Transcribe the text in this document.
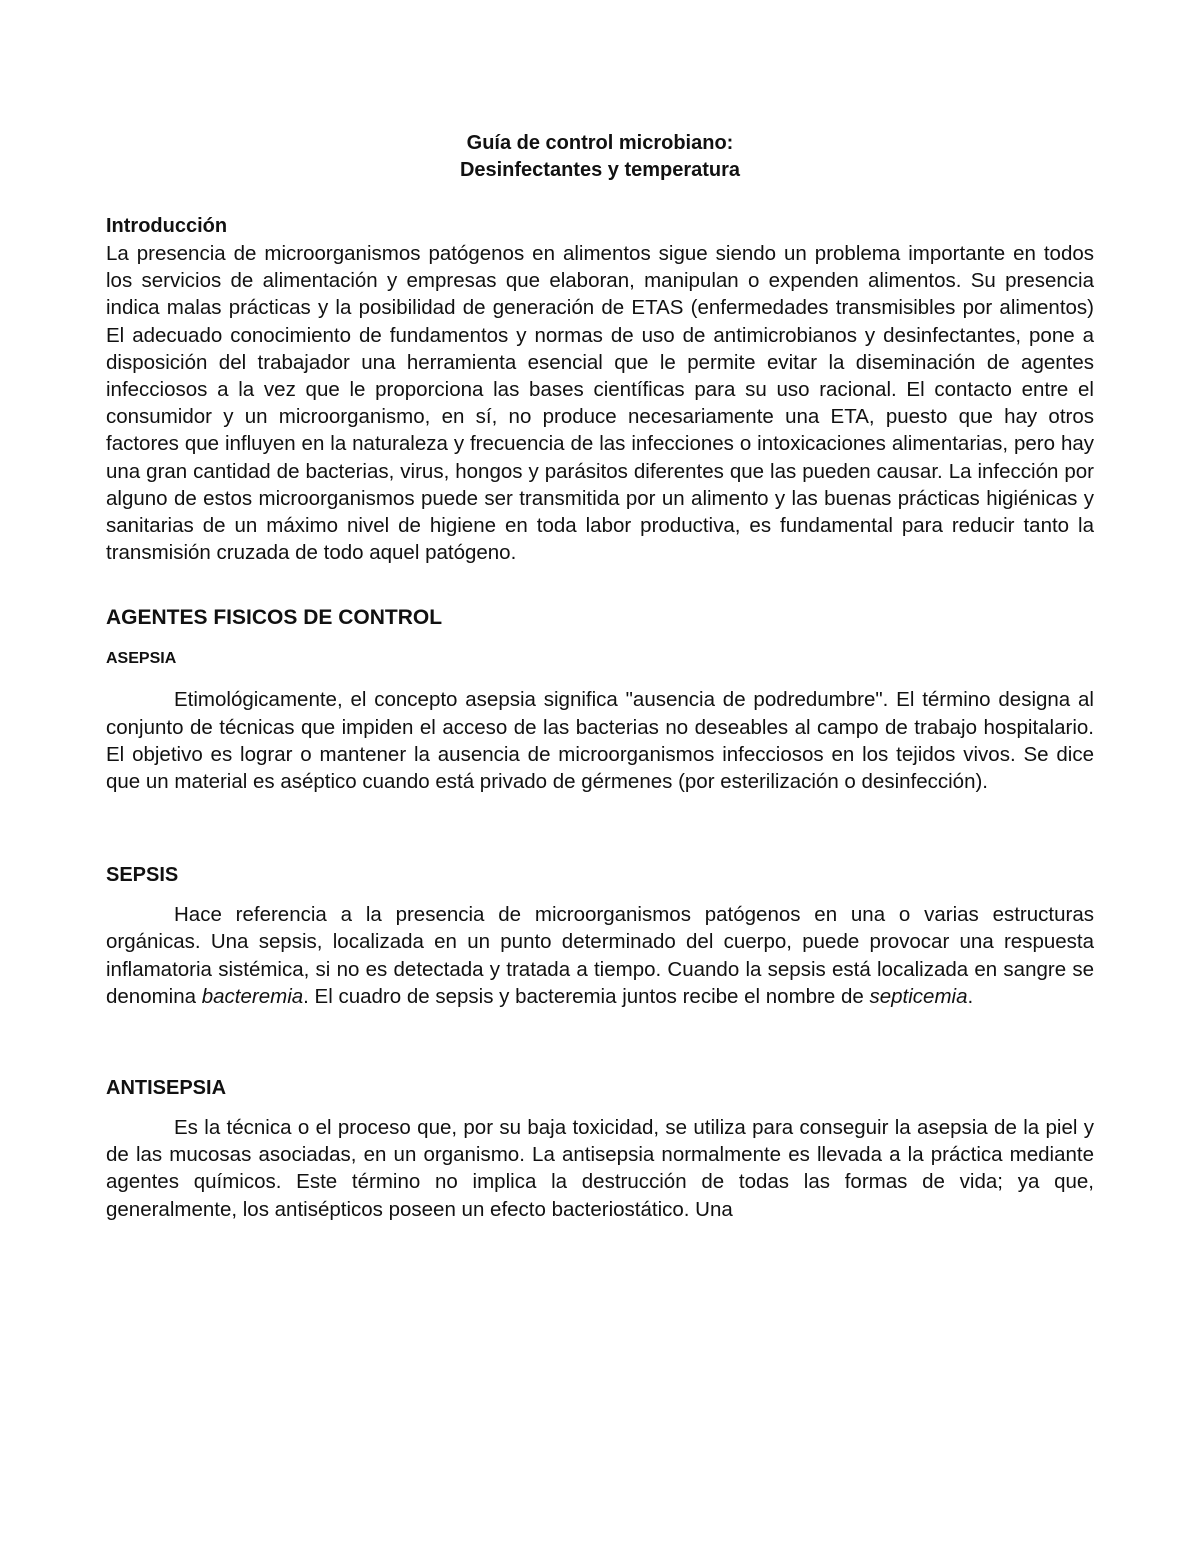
Guía de control microbiano:

Desinfectantes y temperatura

Introducción

La presencia de microorganismos patógenos en alimentos sigue siendo un problema importante en todos los servicios de alimentación y empresas que elaboran, manipulan o expenden alimentos. Su presencia indica malas prácticas y la posibilidad de generación de ETAS (enfermedades transmisibles por alimentos) El adecuado conocimiento de fundamentos y normas de uso de antimicrobianos y desinfectantes, pone a disposición del trabajador una herramienta esencial que le permite evitar la diseminación de agentes infecciosos a la vez que le proporciona las bases científicas para su uso racional. El contacto entre el consumidor y un microorganismo, en sí, no produce necesariamente una ETA, puesto que hay otros factores que influyen en la naturaleza y frecuencia de las infecciones o intoxicaciones alimentarias, pero hay una gran cantidad de bacterias, virus, hongos y parásitos diferentes que las pueden causar. La infección por alguno de estos microorganismos puede ser transmitida por un alimento y las buenas prácticas higiénicas y sanitarias de un máximo nivel de higiene en toda labor productiva, es fundamental para reducir tanto la transmisión cruzada de todo aquel patógeno.

AGENTES FISICOS DE CONTROL

ASEPSIA

Etimológicamente, el concepto asepsia significa "ausencia de podredumbre". El término designa al conjunto de técnicas que impiden el acceso de las bacterias no deseables al campo de trabajo hospitalario. El objetivo es lograr o mantener la ausencia de microorganismos infecciosos en los tejidos vivos. Se dice que un material es aséptico cuando está privado de gérmenes (por esterilización o desinfección).

SEPSIS

Hace referencia a la presencia de microorganismos patógenos en una o varias estructuras orgánicas. Una sepsis, localizada en un punto determinado del cuerpo, puede provocar una respuesta inflamatoria sistémica, si no es detectada y tratada a tiempo. Cuando la sepsis está localizada en sangre se denomina bacteremia. El cuadro de sepsis y bacteremia juntos recibe el nombre de septicemia.

ANTISEPSIA

Es la técnica o el proceso que, por su baja toxicidad, se utiliza para conseguir la asepsia de la piel y de las mucosas asociadas, en un organismo. La antisepsia normalmente es llevada a la práctica mediante agentes químicos. Este término no implica la destrucción de todas las formas de vida; ya que, generalmente, los antisépticos poseen un efecto bacteriostático. Una
